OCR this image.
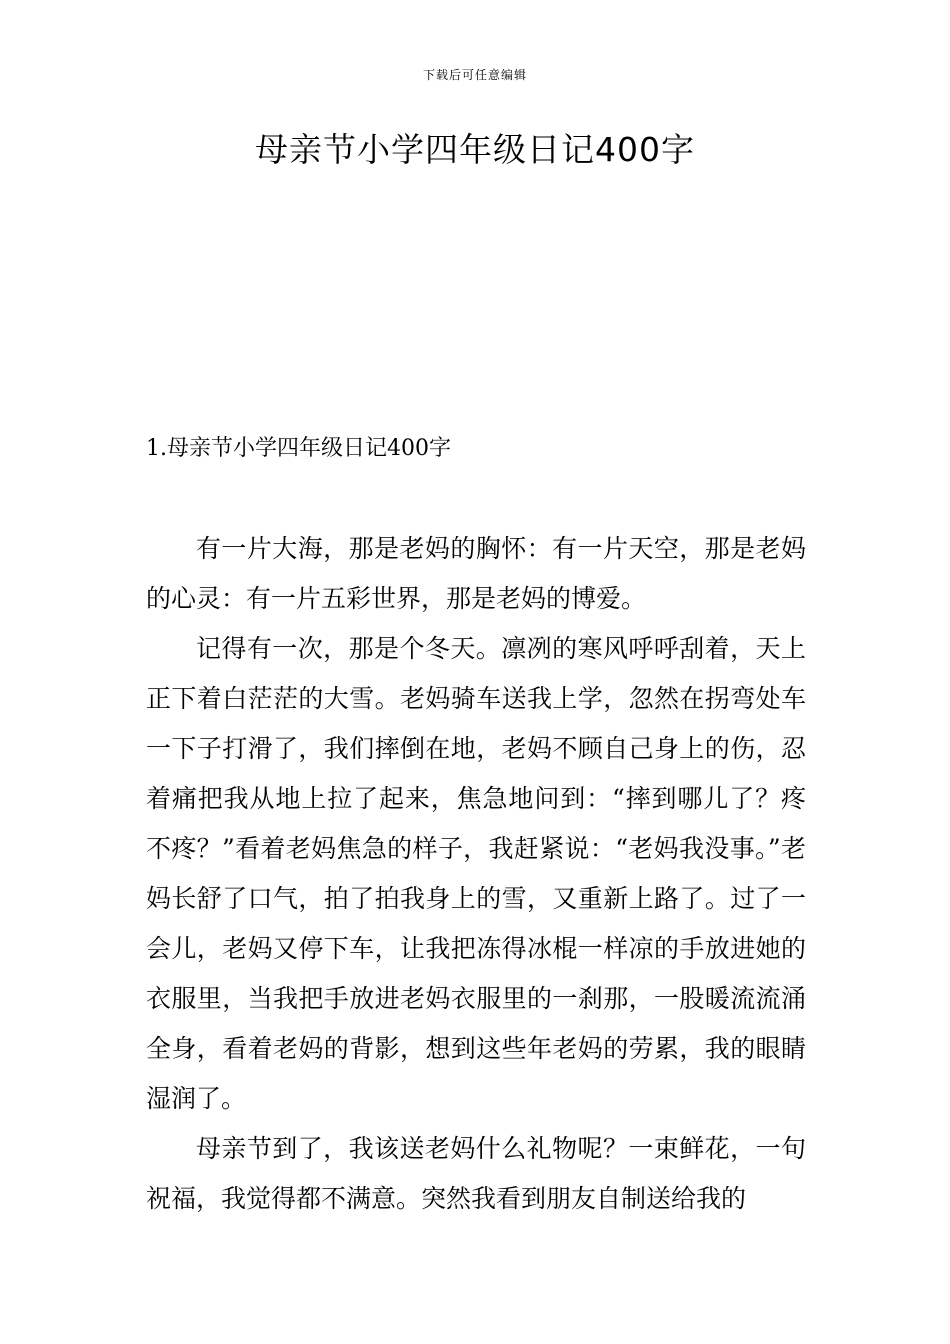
下载后可任意编辑
母亲节小学四年级日记400字
1.母亲节小学四年级日记400字

有一片大海，那是老妈的胸怀：有一片天空，那是老妈的心灵：有一片五彩世界，那是老妈的博爱。

记得有一次，那是个冬天。凛冽的寒风呼呼刮着，天上正下着白茫茫的大雪。老妈骑车送我上学，忽然在拐弯处车一下子打滑了，我们摔倒在地，老妈不顾自己身上的伤，忍着痛把我从地上拉了起来，焦急地问到：“摔到哪儿了？疼不疼？”看着老妈焦急的样子，我赶紧说：“老妈我没事。”老妈长舒了口气，拍了拍我身上的雪，又重新上路了。过了一会儿，老妈又停下车，让我把冻得冰棍一样凉的手放进她的衣服里，当我把手放进老妈衣服里的一刹那，一股暖流流涌全身，看着老妈的背影，想到这些年老妈的劳累，我的眼睛湿润了。

母亲节到了，我该送老妈什么礼物呢？一束鲜花，一句祝福，我觉得都不满意。突然我看到朋友自制送给我的
